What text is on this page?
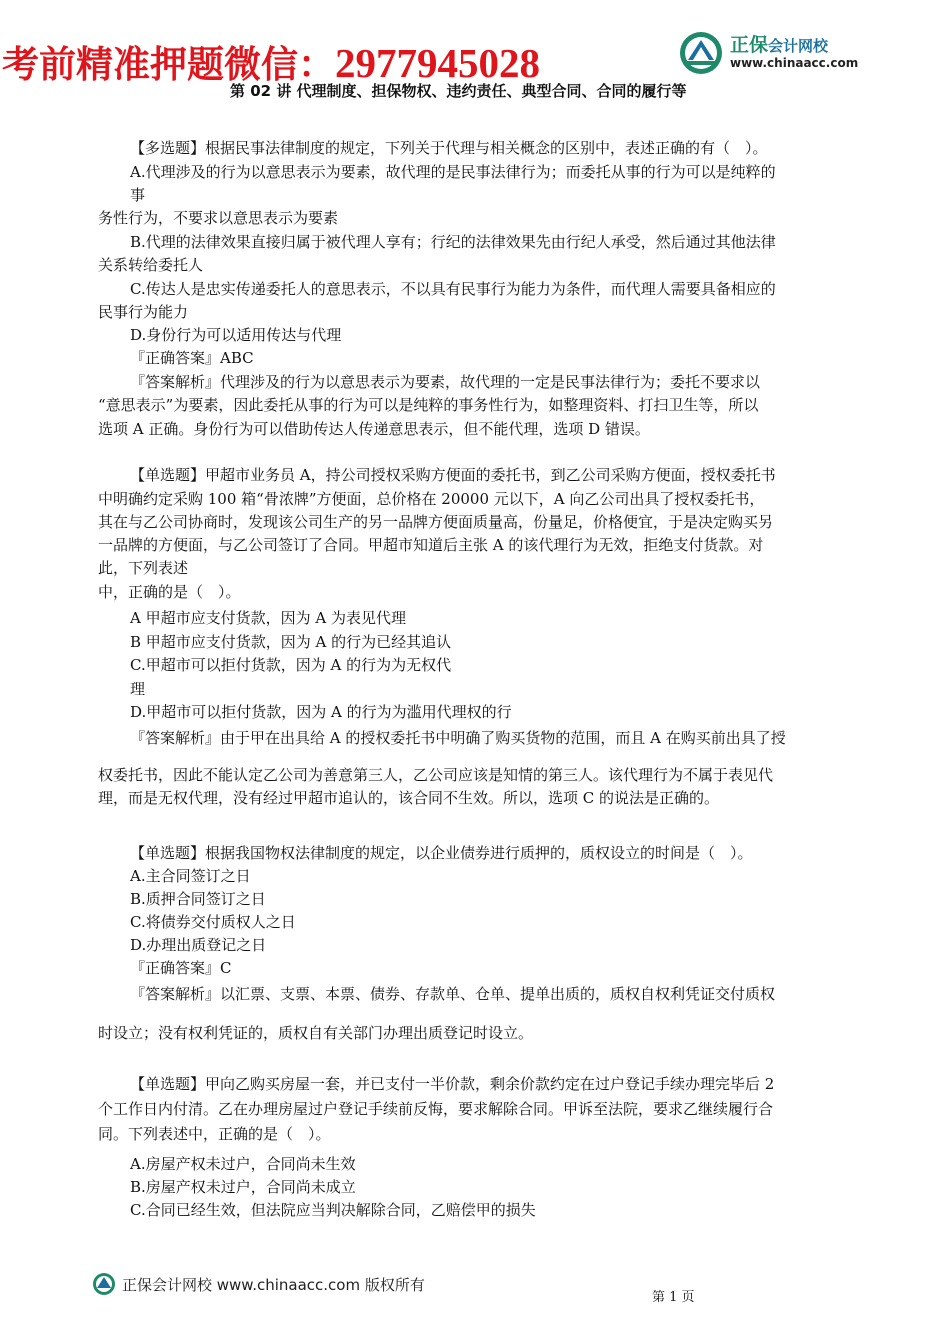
考前精准押题微信：2977945028	正保会计网校
www.chinaacc.com
第 02 讲 代理制度、担保物权、违约责任、典型合同、合同的履行等
【多选题】根据民事法律制度的规定，下列关于代理与相关概念的区别中，表述正确的有（　）。
A.代理涉及的行为以意思表示为要素，故代理的是民事法律行为；而委托从事的行为可以是纯粹的
事
务性行为，不要求以意思表示为要素
B.代理的法律效果直接归属于被代理人享有；行纪的法律效果先由行纪人承受，然后通过其他法律
关系转给委托人
C.传达人是忠实传递委托人的意思表示，不以具有民事行为能力为条件，而代理人需要具备相应的
民事行为能力
D.身份行为可以适用传达与代理
『正确答案』ABC
『答案解析』代理涉及的行为以意思表示为要素，故代理的一定是民事法律行为；委托不要求以
“意思表示”为要素，因此委托从事的行为可以是纯粹的事务性行为，如整理资料、打扫卫生等，所以
选项 A 正确。身份行为可以借助传达人传递意思表示，但不能代理，选项 D 错误。
【单选题】甲超市业务员 A，持公司授权采购方便面的委托书，到乙公司采购方便面，授权委托书
中明确约定采购 100 箱“骨浓牌”方便面，总价格在 20000 元以下，A 向乙公司出具了授权委托书，
其在与乙公司协商时，发现该公司生产的另一品牌方便面质量高，份量足，价格便宜，于是决定购买另
一品牌的方便面，与乙公司签订了合同。甲超市知道后主张 A 的该代理行为无效，拒绝支付货款。对
此，下列表述
中，正确的是（　）。
A 甲超市应支付货款，因为 A 为表见代理
B 甲超市应支付货款，因为 A 的行为已经其追认
C.甲超市可以拒付货款，因为 A 的行为为无权代
理
D.甲超市可以拒付货款，因为 A 的行为为滥用代理权的行
『答案解析』由于甲在出具给 A 的授权委托书中明确了购买货物的范围，而且 A 在购买前出具了授
权委托书，因此不能认定乙公司为善意第三人，乙公司应该是知情的第三人。该代理行为不属于表见代
理，而是无权代理，没有经过甲超市追认的，该合同不生效。所以，选项 C 的说法是正确的。
【单选题】根据我国物权法律制度的规定，以企业债券进行质押的，质权设立的时间是（　）。
A.主合同签订之日
B.质押合同签订之日
C.将债券交付质权人之日
D.办理出质登记之日
『正确答案』C
『答案解析』以汇票、支票、本票、债券、存款单、仓单、提单出质的，质权自权利凭证交付质权
时设立；没有权利凭证的，质权自有关部门办理出质登记时设立。
【单选题】甲向乙购买房屋一套，并已支付一半价款，剩余价款约定在过户登记手续办理完毕后 2
个工作日内付清。乙在办理房屋过户登记手续前反悔，要求解除合同。甲诉至法院，要求乙继续履行合
同。下列表述中，正确的是（　）。
A.房屋产权未过户，合同尚未生效
B.房屋产权未过户，合同尚未成立
C.合同已经生效，但法院应当判决解除合同，乙赔偿甲的损失
正保会计网校 www.chinaacc.com 版权所有
第 1 页
